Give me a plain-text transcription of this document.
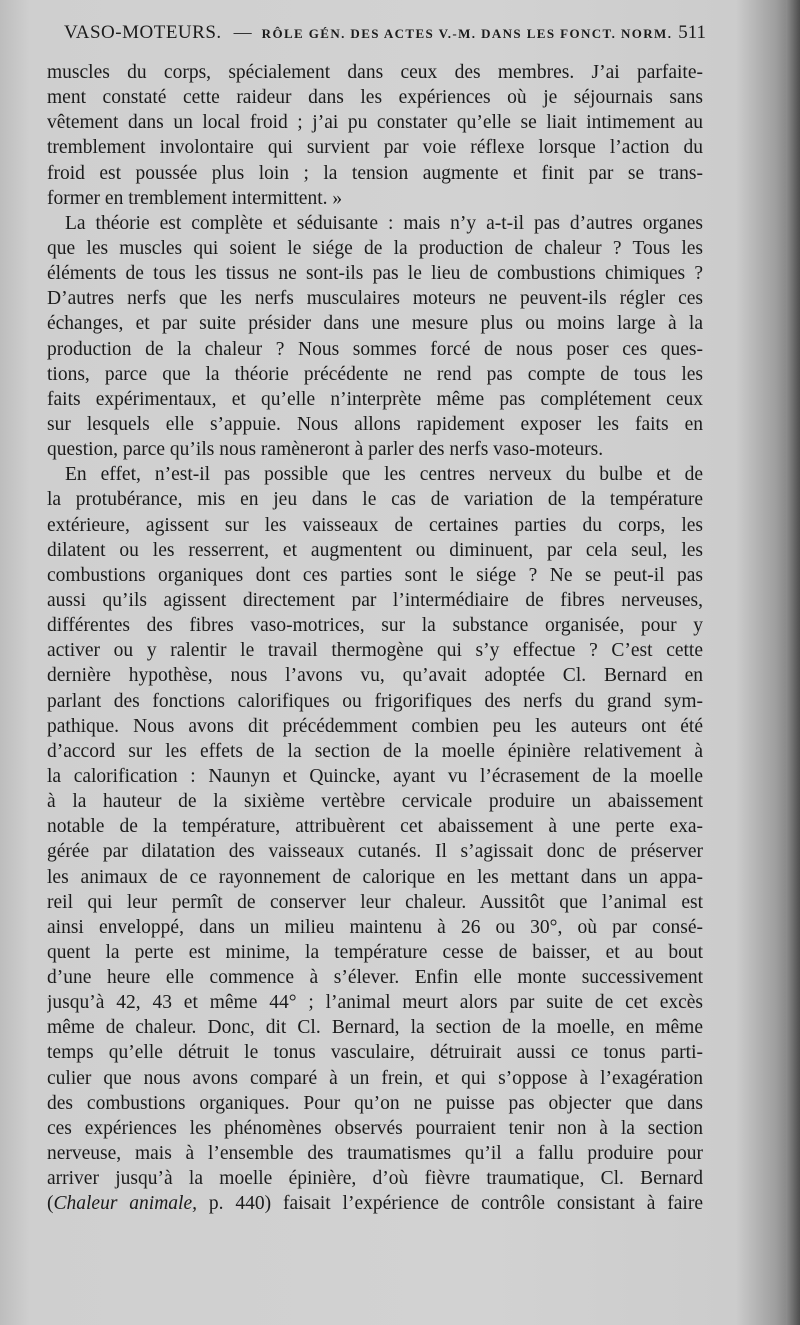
VASO-MOTEURS. — RÔLE GÉN. DES ACTES V.-M. DANS LES FONCT. NORM. 511
muscles du corps, spécialement dans ceux des membres. J’ai parfaite-
ment constaté cette raideur dans les expériences où je séjournais sans
vêtement dans un local froid ; j’ai pu constater qu’elle se liait intimement au
tremblement involontaire qui survient par voie réflexe lorsque l’action du
froid est poussée plus loin ; la tension augmente et finit par se trans-
former en tremblement intermittent. »
La théorie est complète et séduisante : mais n’y a-t-il pas d’autres organes
que les muscles qui soient le siége de la production de chaleur ? Tous les
éléments de tous les tissus ne sont-ils pas le lieu de combustions chimiques ?
D’autres nerfs que les nerfs musculaires moteurs ne peuvent-ils régler ces
échanges, et par suite présider dans une mesure plus ou moins large à la
production de la chaleur ? Nous sommes forcé de nous poser ces ques-
tions, parce que la théorie précédente ne rend pas compte de tous les
faits expérimentaux, et qu’elle n’interprète même pas complétement ceux
sur lesquels elle s’appuie. Nous allons rapidement exposer les faits en
question, parce qu’ils nous ramèneront à parler des nerfs vaso-moteurs.
En effet, n’est-il pas possible que les centres nerveux du bulbe et de
la protubérance, mis en jeu dans le cas de variation de la température
extérieure, agissent sur les vaisseaux de certaines parties du corps, les
dilatent ou les resserrent, et augmentent ou diminuent, par cela seul, les
combustions organiques dont ces parties sont le siége ? Ne se peut-il pas
aussi qu’ils agissent directement par l’intermédiaire de fibres nerveuses,
différentes des fibres vaso-motrices, sur la substance organisée, pour y
activer ou y ralentir le travail thermogène qui s’y effectue ? C’est cette
dernière hypothèse, nous l’avons vu, qu’avait adoptée Cl. Bernard en
parlant des fonctions calorifiques ou frigorifiques des nerfs du grand sym-
pathique. Nous avons dit précédemment combien peu les auteurs ont été
d’accord sur les effets de la section de la moelle épinière relativement à
la calorification : Naunyn et Quincke, ayant vu l’écrasement de la moelle
à la hauteur de la sixième vertèbre cervicale produire un abaissement
notable de la température, attribuèrent cet abaissement à une perte exa-
gérée par dilatation des vaisseaux cutanés. Il s’agissait donc de préserver
les animaux de ce rayonnement de calorique en les mettant dans un appa-
reil qui leur permît de conserver leur chaleur. Aussitôt que l’animal est
ainsi enveloppé, dans un milieu maintenu à 26 ou 30°, où par consé-
quent la perte est minime, la température cesse de baisser, et au bout
d’une heure elle commence à s’élever. Enfin elle monte successivement
jusqu’à 42, 43 et même 44° ; l’animal meurt alors par suite de cet excès
même de chaleur. Donc, dit Cl. Bernard, la section de la moelle, en même
temps qu’elle détruit le tonus vasculaire, détruirait aussi ce tonus parti-
culier que nous avons comparé à un frein, et qui s’oppose à l’exagération
des combustions organiques. Pour qu’on ne puisse pas objecter que dans
ces expériences les phénomènes observés pourraient tenir non à la section
nerveuse, mais à l’ensemble des traumatismes qu’il a fallu produire pour
arriver jusqu’à la moelle épinière, d’où fièvre traumatique, Cl. Bernard
(Chaleur animale, p. 440) faisait l’expérience de contrôle consistant à faire
